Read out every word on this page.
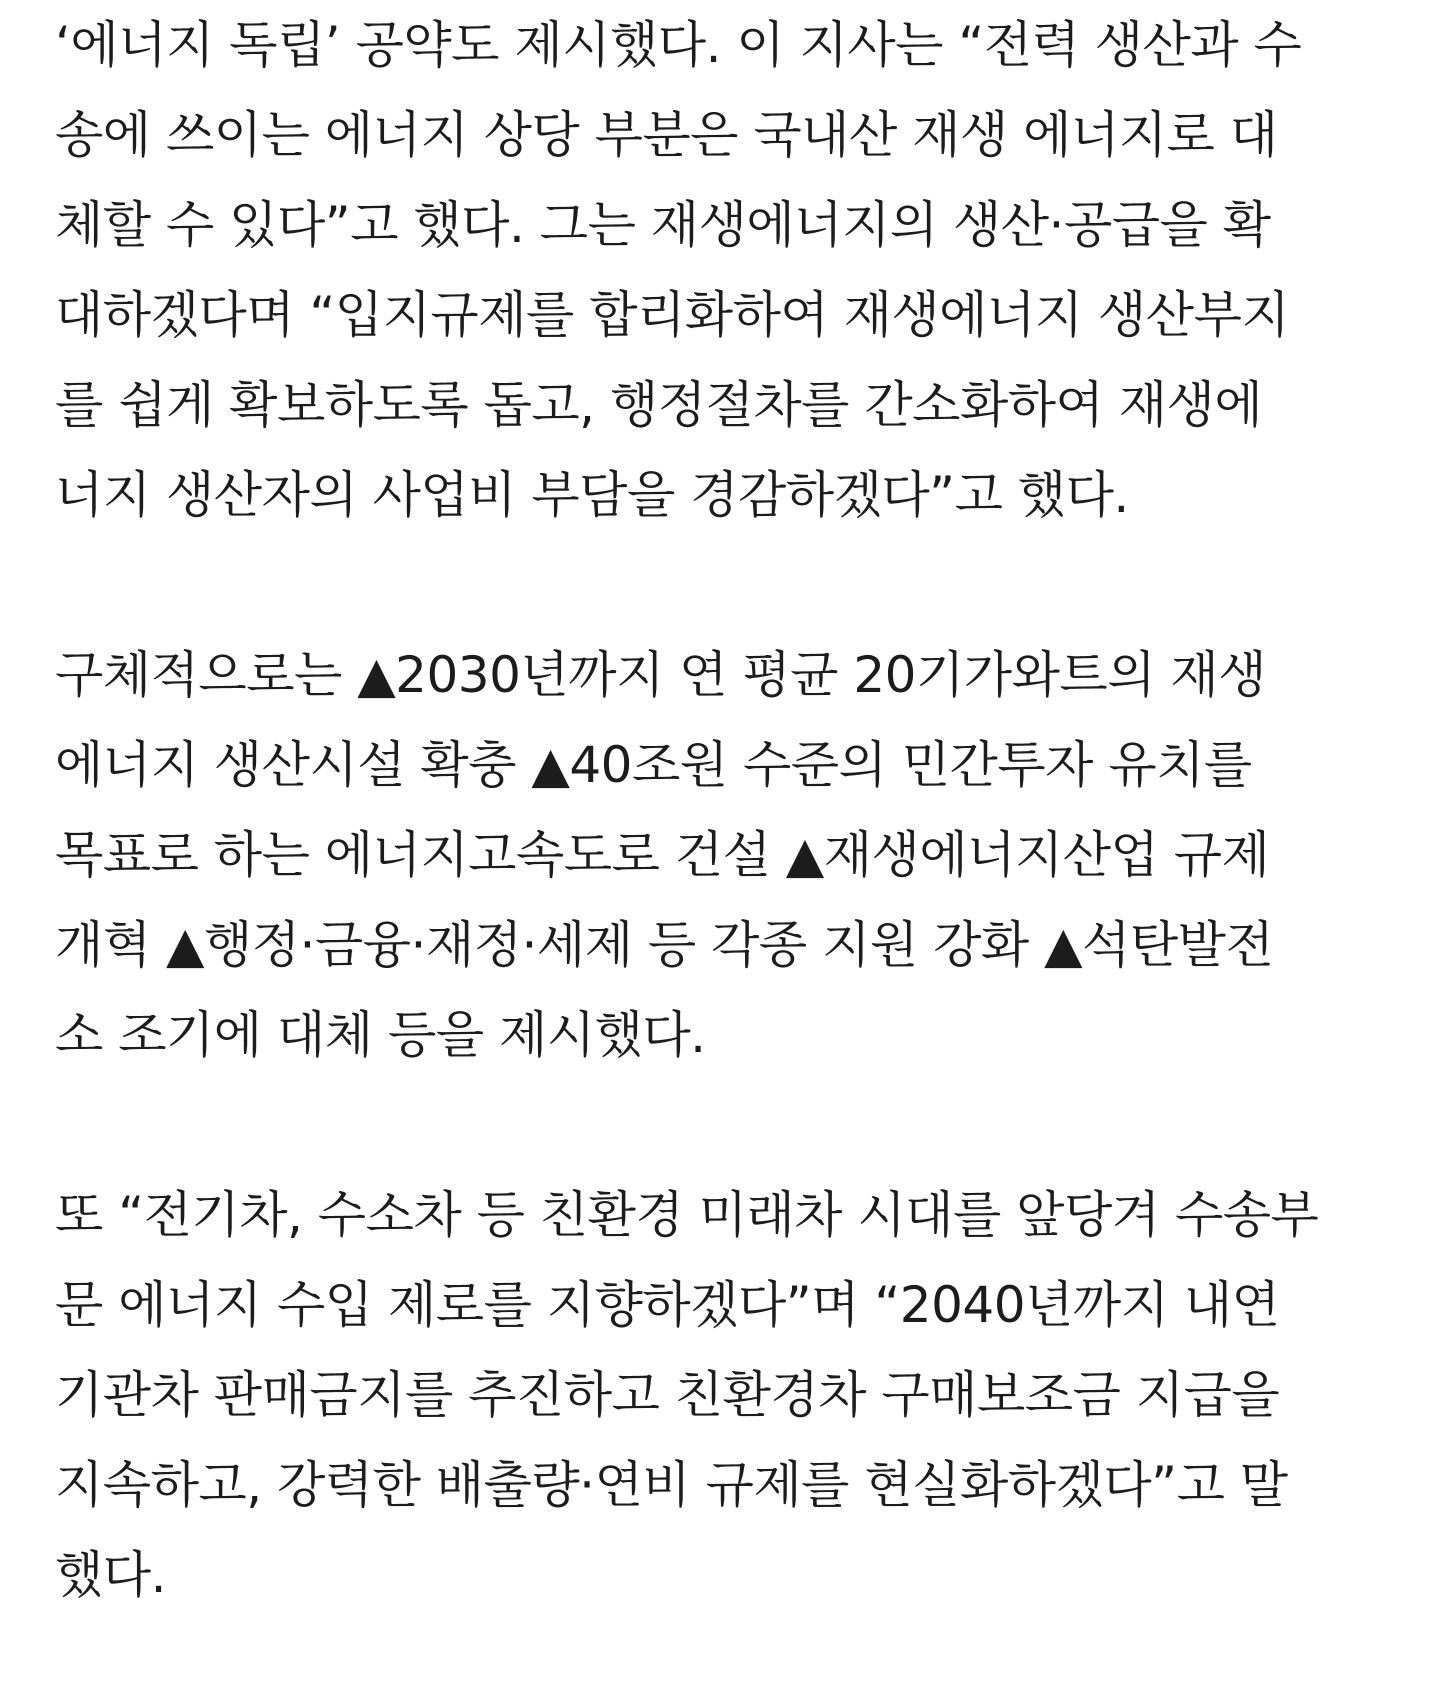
‘에너지 독립’ 공약도 제시했다. 이 지사는 “전력 생산과 수
송에 쓰이는 에너지 상당 부분은 국내산 재생 에너지로 대
체할 수 있다”고 했다. 그는 재생에너지의 생산·공급을 확
대하겠다며 “입지규제를 합리화하여 재생에너지 생산부지
를 쉽게 확보하도록 돕고, 행정절차를 간소화하여 재생에
너지 생산자의 사업비 부담을 경감하겠다”고 했다.

구체적으로는 ▲2030년까지 연 평균 20기가와트의 재생
에너지 생산시설 확충 ▲40조원 수준의 민간투자 유치를
목표로 하는 에너지고속도로 건설 ▲재생에너지산업 규제
개혁 ▲행정·금융·재정·세제 등 각종 지원 강화 ▲석탄발전
소 조기에 대체 등을 제시했다.

또 “전기차, 수소차 등 친환경 미래차 시대를 앞당겨 수송부
문 에너지 수입 제로를 지향하겠다”며 “2040년까지 내연
기관차 판매금지를 추진하고 친환경차 구매보조금 지급을
지속하고, 강력한 배출량·연비 규제를 현실화하겠다”고 말
했다.
